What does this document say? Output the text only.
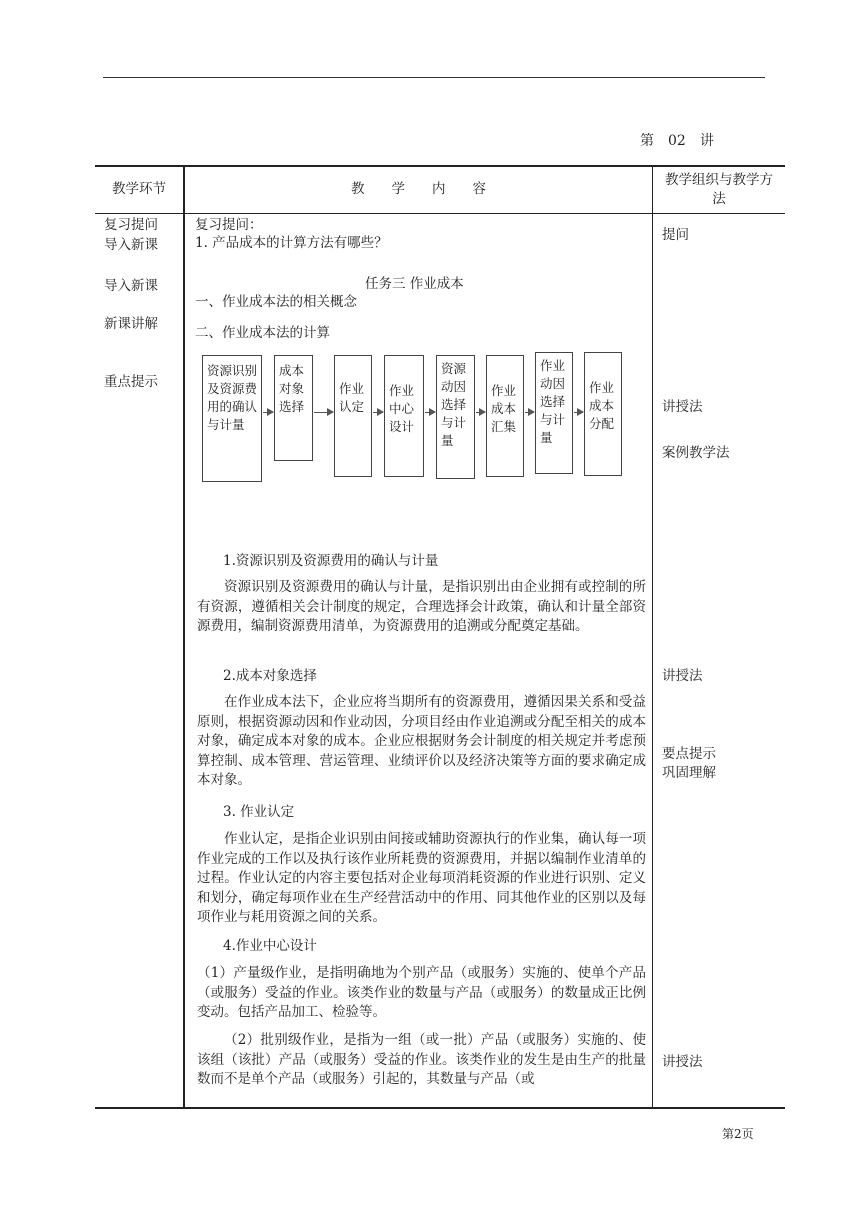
第　02　讲
教学环节	教　　学　　内　　容
教学组织与教学方法
复习提问
导入新课
导入新课
新课讲解
重点提示
提问
讲授法
案例教学法
讲授法
要点提示
巩固理解
讲授法
复习提问：
1. 产品成本的计算方法有哪些？
任务三 作业成本
一、作业成本法的相关概念
二、作业成本法的计算
资源识别及资源费用的确认与计量
成本对象选择
作业认定
作业中心设计
资源动因选择与计量
作业成本汇集
作业动因选择与计量
作业成本分配
1.资源识别及资源费用的确认与计量
资源识别及资源费用的确认与计量，是指识别出由企业拥有或控制的所有资源，遵循相关会计制度的规定，合理选择会计政策，确认和计量全部资源费用，编制资源费用清单，为资源费用的追溯或分配奠定基础。
2.成本对象选择
在作业成本法下，企业应将当期所有的资源费用，遵循因果关系和受益原则，根据资源动因和作业动因，分项目经由作业追溯或分配至相关的成本对象，确定成本对象的成本。企业应根据财务会计制度的相关规定并考虑预算控制、成本管理、营运管理、业绩评价以及经济决策等方面的要求确定成本对象。
3. 作业认定
作业认定，是指企业识别由间接或辅助资源执行的作业集，确认每一项作业完成的工作以及执行该作业所耗费的资源费用，并据以编制作业清单的过程。作业认定的内容主要包括对企业每项消耗资源的作业进行识别、定义和划分，确定每项作业在生产经营活动中的作用、同其他作业的区别以及每项作业与耗用资源之间的关系。
4.作业中心设计
（1）产量级作业，是指明确地为个别产品（或服务）实施的、使单个产品（或服务）受益的作业。该类作业的数量与产品（或服务）的数量成正比例变动。包括产品加工、检验等。
（2）批别级作业，是指为一组（或一批）产品（或服务）实施的、使该组（该批）产品（或服务）受益的作业。该类作业的发生是由生产的批量数而不是单个产品（或服务）引起的，其数量与产品（或
第2页
